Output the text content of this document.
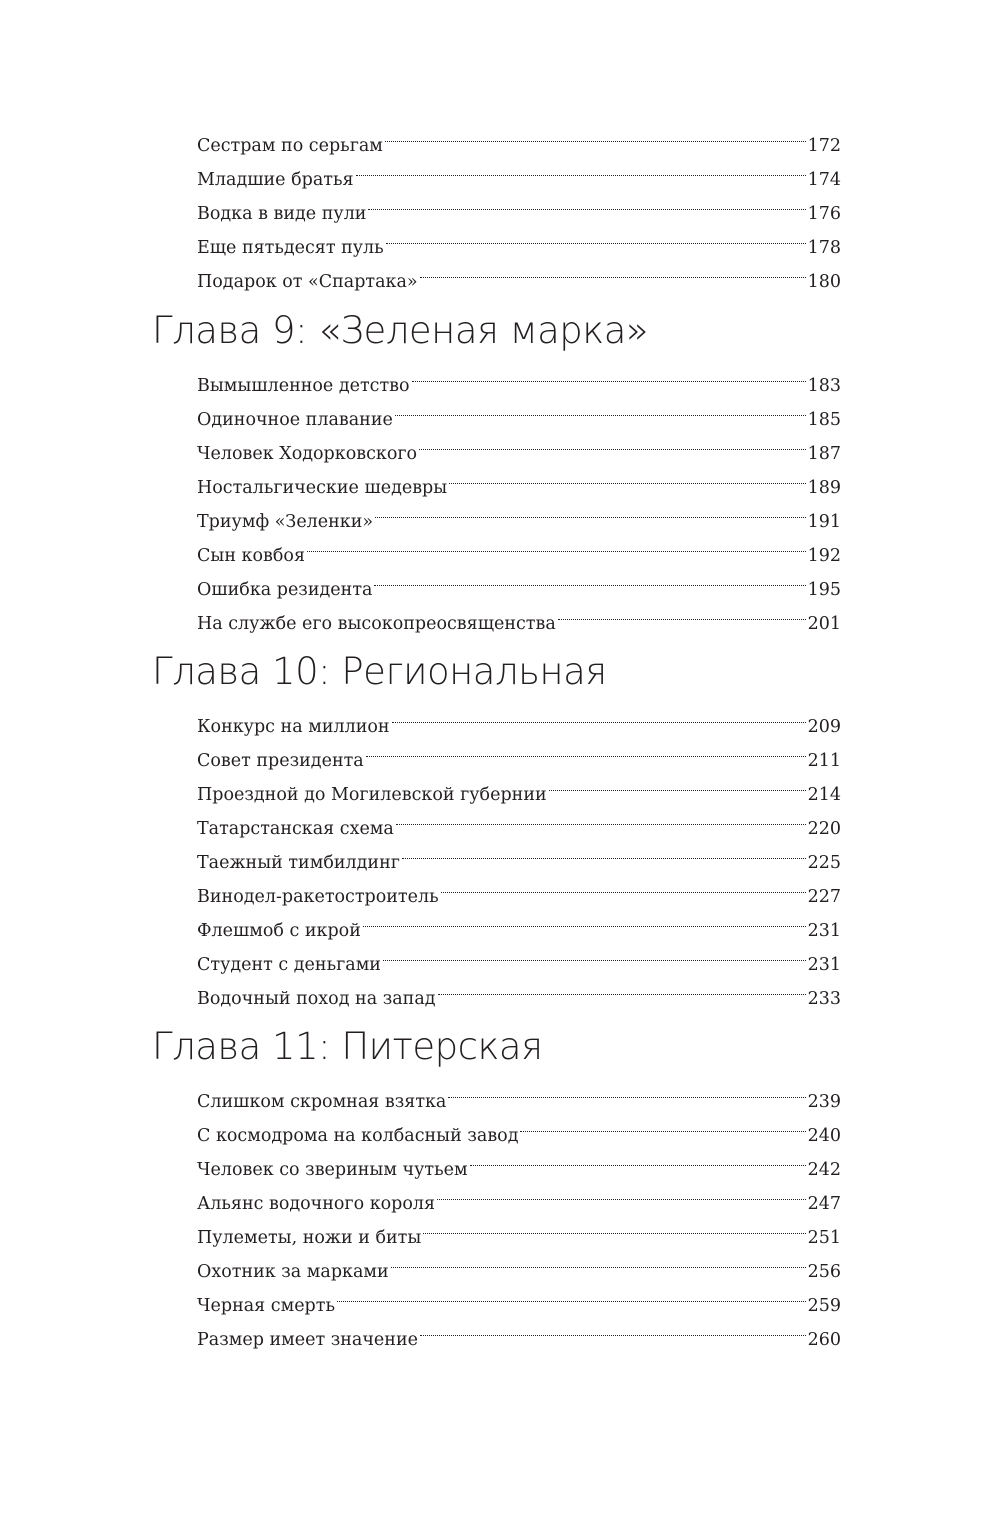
Сестрам по серьгам	172
Младшие братья	174
Водка в виде пули	176
Еще пятьдесят пуль	178
Подарок от «Спартака»	180
Глава 9: «Зеленая марка»
Вымышленное детство	183
Одиночное плавание	185
Человек Ходорковского	187
Ностальгические шедевры	189
Триумф «Зеленки»	191
Сын ковбоя	192
Ошибка резидента	195
На службе его высокопреосвященства	201
Глава 10: Региональная
Конкурс на миллион	209
Совет президента	211
Проездной до Могилевской губернии	214
Татарстанская схема	220
Таежный тимбилдинг	225
Винодел-ракетостроитель	227
Флешмоб с икрой	231
Студент с деньгами	231
Водочный поход на запад	233
Глава 11: Питерская
Слишком скромная взятка	239
С космодрома на колбасный завод	240
Человек со звериным чутьем	242
Альянс водочного короля	247
Пулеметы, ножи и биты	251
Охотник за марками	256
Черная смерть	259
Размер имеет значение	260
